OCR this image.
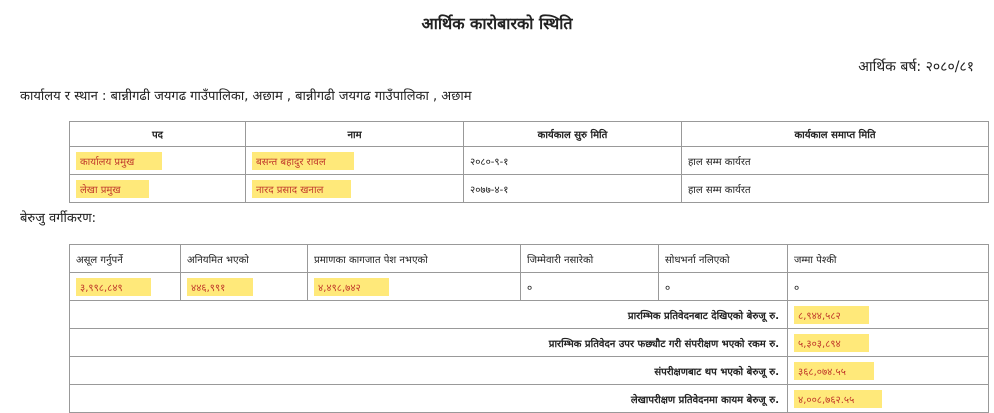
आर्थिक कारोबारको स्थिति
आर्थिक बर्ष: २०८०/८१
कार्यालय र स्थान : बान्नीगढी जयगढ गाउँपालिका, अछाम , बान्नीगढी जयगढ गाउँपालिका , अछाम
पद	नाम	कार्यकाल सुरु मिति	कार्यकाल समाप्त मिति
कार्यालय प्रमुख	बसन्त बहादुर रावल	२०८०-९-१	हाल सम्म कार्यरत
लेखा प्रमुख	नारद प्रसाद खनाल	२०७७-४-१	हाल सम्म कार्यरत
बेरुजु वर्गीकरण:
असूल गर्नुपर्ने	अनियमित भएको	प्रमाणका कागजात पेश नभएको	जिम्मेवारी नसारेको	सोधभर्ना नलिएको	जम्मा पेश्की
३,९९८,८४९	४४६,९९१	४,४९८,७४२	०	०	०
प्रारम्भिक प्रतिवेदनबाट देखिएको बेरुजू रु.					८,९४४,५८२
प्रारम्भिक प्रतिवेदन उपर फछ्याैट गरी संपरीक्षण भएको रकम रु.					५,३०३,८९४
संपरीक्षणबाट थप भएको बेरुजू रु.					३६८,०७४.५५
लेखापरीक्षण प्रतिवेदनमा कायम बेरुजू रु.					४,००८,७६२.५५
